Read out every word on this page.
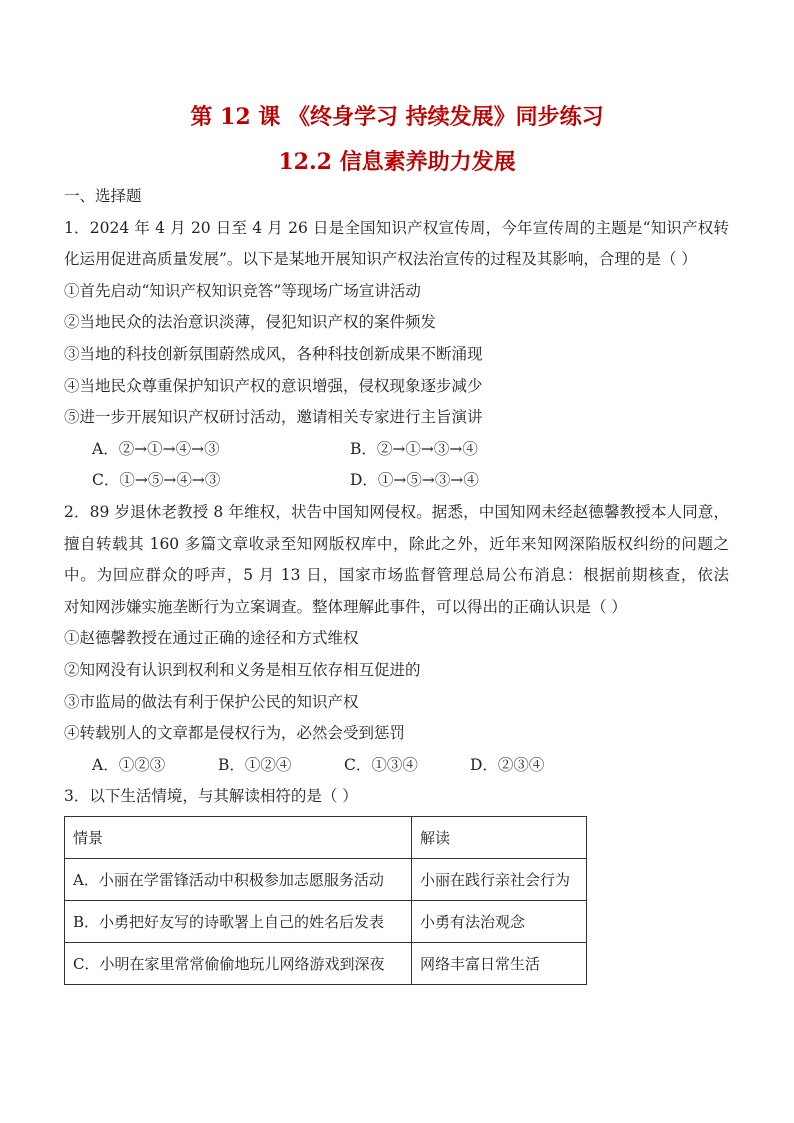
第 12 课 《终身学习 持续发展》同步练习
12.2 信息素养助力发展
一、选择题
1．2024 年 4 月 20 日至 4 月 26 日是全国知识产权宣传周，今年宣传周的主题是“知识产权转
化运用促进高质量发展”。以下是某地开展知识产权法治宣传的过程及其影响，合理的是（ ）
①首先启动“知识产权知识竞答”等现场广场宣讲活动
②当地民众的法治意识淡薄，侵犯知识产权的案件频发
③当地的科技创新氛围蔚然成风，各种科技创新成果不断涌现
④当地民众尊重保护知识产权的意识增强，侵权现象逐步减少
⑤进一步开展知识产权研讨活动，邀请相关专家进行主旨演讲
A．②→①→④→③	B．②→①→③→④
C．①→⑤→④→③	D．①→⑤→③→④
2．89 岁退休老教授 8 年维权，状告中国知网侵权。据悉，中国知网未经赵德馨教授本人同意，
擅自转载其 160 多篇文章收录至知网版权库中，除此之外，近年来知网深陷版权纠纷的问题之
中。为回应群众的呼声，5 月 13 日，国家市场监督管理总局公布消息：根据前期核查，依法
对知网涉嫌实施垄断行为立案调查。整体理解此事件，可以得出的正确认识是（ ）
①赵德馨教授在通过正确的途径和方式维权
②知网没有认识到权利和义务是相互依存相互促进的
③市监局的做法有利于保护公民的知识产权
④转载别人的文章都是侵权行为，必然会受到惩罚
A．①②③	B．①②④	C．①③④	D．②③④
3．以下生活情境，与其解读相符的是（ ）
情景	解读
A．小丽在学雷锋活动中积极参加志愿服务活动	小丽在践行亲社会行为
B．小勇把好友写的诗歌署上自己的姓名后发表	小勇有法治观念
C．小明在家里常常偷偷地玩儿网络游戏到深夜	网络丰富日常生活
